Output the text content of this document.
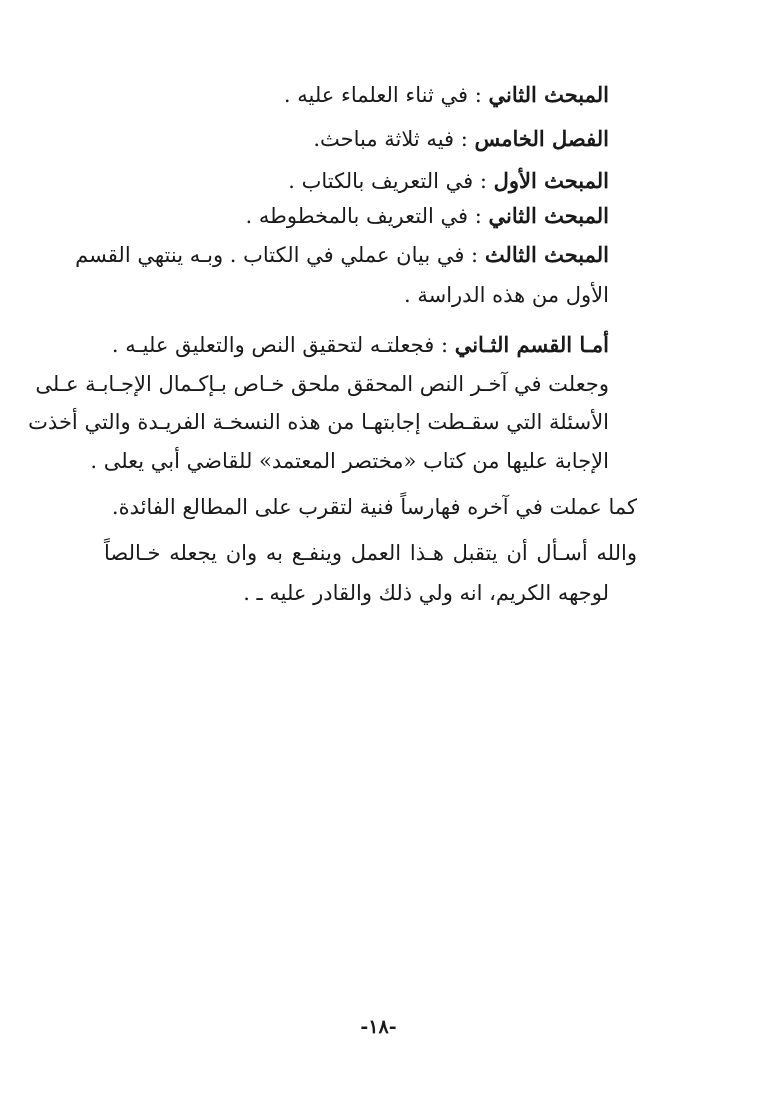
المبحث الثاني : في ثناء العلماء عليه .
الفصل الخامس : فيه ثلاثة مباحث.
المبحث الأول : في التعريف بالكتاب .
المبحث الثاني : في التعريف بالمخطوطه .
المبحث الثالث : في بيان عملي في الكتاب . وبـه ينتهي القسم
الأول من هذه الدراسة .
أمـا القسم الثـاني : فجعلتـه لتحقيق النص والتعليق عليـه .
وجعلت في آخـر النص المحقق ملحق خـاص بـإكـمال الإجـابـة عـلى
الأسئلة التي سقـطت إجابتهـا من هذه النسخـة الفريـدة والتي أخذت
الإجابة عليها من كتاب «مختصر المعتمد» للقاضي أبي يعلى .
كما عملت في آخره فهارساً فنية لتقرب على المطالع الفائدة.
والله أسـأل أن يتقبل هـذا العمل وينفـع به وان يجعله خـالصاً
لوجهه الكريم، انه ولي ذلك والقادر عليه ـ .
-١٨-
